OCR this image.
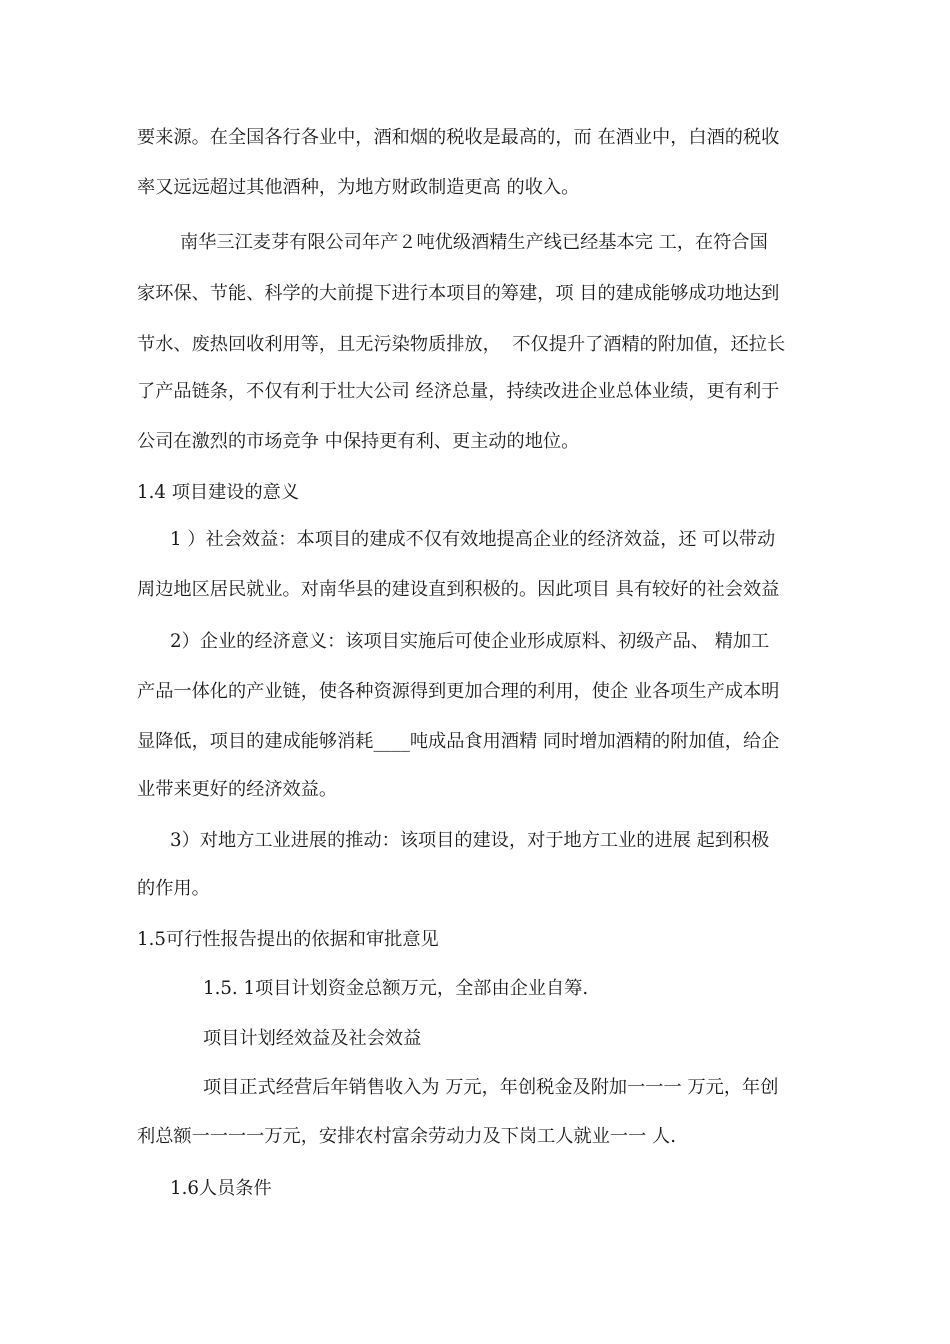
要来源。在全国各行各业中，酒和烟的税收是最高的，而 在酒业中，白酒的税收
率又远远超过其他酒种，为地方财政制造更高 的收入。
南华三江麦芽有限公司年产２吨优级酒精生产线已经基本完 工，在符合国
家环保、节能、科学的大前提下进行本项目的筹建，项 目的建成能够成功地达到
节水、废热回收利用等，且无污染物质排放，  不仅提升了酒精的附加值，还拉长
了产品链条，不仅有利于壮大公司 经济总量，持续改进企业总体业绩，更有利于
公司在激烈的市场竞争 中保持更有利、更主动的地位。
1.4 项目建设的意义
1 ）社会效益：本项目的建成不仅有效地提高企业的经济效益，还 可以带动
周边地区居民就业。对南华县的建设直到积极的。因此项目 具有较好的社会效益
2）企业的经济意义：该项目实施后可使企业形成原料、初级产品、 精加工
产品一体化的产业链，使各种资源得到更加合理的利用，使企 业各项生产成本明
显降低，项目的建成能够消耗____吨成品食用酒精 同时增加酒精的附加值，给企
业带来更好的经济效益。
3）对地方工业进展的推动：该项目的建设，对于地方工业的进展 起到积极
的作用。
1.5可行性报告提出的依据和审批意见
1.5. 1项目计划资金总额万元，全部由企业自筹.
项目计划经效益及社会效益
项目正式经营后年销售收入为 万元，年创税金及附加一一一 万元，年创
利总额一一一一万元，安排农村富余劳动力及下岗工人就业一一 人.
1.6人员条件
